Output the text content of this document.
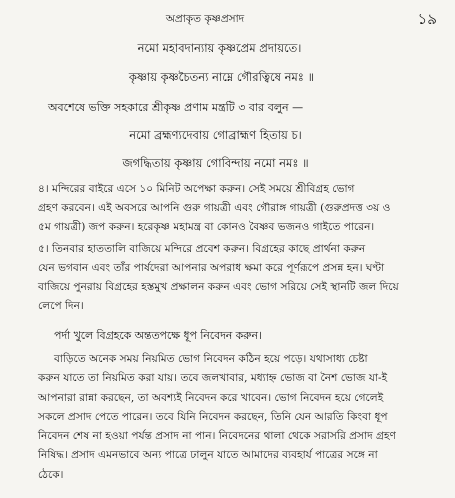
অপ্রাকৃত কৃষ্ণপ্রসাদ	১৯
নমো মহাবদান্যায় কৃষ্ণপ্রেম প্রদায়তে।
কৃষ্ণায় কৃষ্ণচৈতন্য নাম্নে গৌরত্বিষে নমঃ ॥
অবশেষে ভক্তি সহকারে শ্রীকৃষ্ণ প্রণাম মন্ত্রটি ৩ বার বলুন —
নমো ব্রহ্মণ্যদেবায় গোব্রাহ্মণ হিতায় চ।
জগদ্ধিতায় কৃষ্ণায় গোবিন্দায় নমো নমঃ ॥
৪। মন্দিরের বাইরে এসে ১০ মিনিট অপেক্ষা করুন। সেই সময়ে শ্রীবিগ্রহ ভোগ
গ্রহণ করবেন। এই অবসরে আপনি গুরু গায়ত্রী এবং গৌরাঙ্গ গায়ত্রী (গুরুপ্রদত্ত ৩য় ও
৫ম গায়ত্রী) জপ করুন। হরেকৃষ্ণ মহামন্ত্র বা কোনও বৈষ্ণব ভজনও গাইতে পারেন।
৫। তিনবার হাততালি বাজিয়ে মন্দিরে প্রবেশ করুন। বিগ্রহের কাছে প্রার্থনা করুন
যেন ভগবান এবং তাঁর পার্ষদেরা আপনার অপরাধ ক্ষমা করে পূর্ণরূপে প্রসন্ন হন। ঘণ্টা
বাজিয়ে পুনরায় বিগ্রহের হস্তমুখ প্রক্ষালন করুন এবং ভোগ সরিয়ে সেই স্থানটি জল দিয়ে
লেপে দিন।
পর্দা খুলে বিগ্রহকে অন্ততপক্ষে ধূপ নিবেদন করুন।
বাড়িতে অনেক সময় নিয়মিত ভোগ নিবেদন কঠিন হয়ে পড়ে। যথাসাধ্য চেষ্টা
করুন যাতে তা নিয়মিত করা যায়। তবে জলখাবার, মধ্যাহ্ন ভোজ বা নৈশ ভোজ যা-ই
আপনারা রান্না করছেন, তা অবশ্যই নিবেদন করে খাবেন। ভোগ নিবেদন হয়ে গেলেই
সকলে প্রসাদ পেতে পারেন। তবে যিনি নিবেদন করছেন, তিনি যেন আরতি কিংবা ধূপ
নিবেদন শেষ না হওয়া পর্যন্ত প্রসাদ না পান। নিবেদনের থালা থেকে সরাসরি প্রসাদ গ্রহণ
নিষিদ্ধ। প্রসাদ এমনভাবে অন্য পাত্রে ঢালুন যাতে আমাদের ব্যবহার্য পাত্রের সঙ্গে না
ঠেকে।
